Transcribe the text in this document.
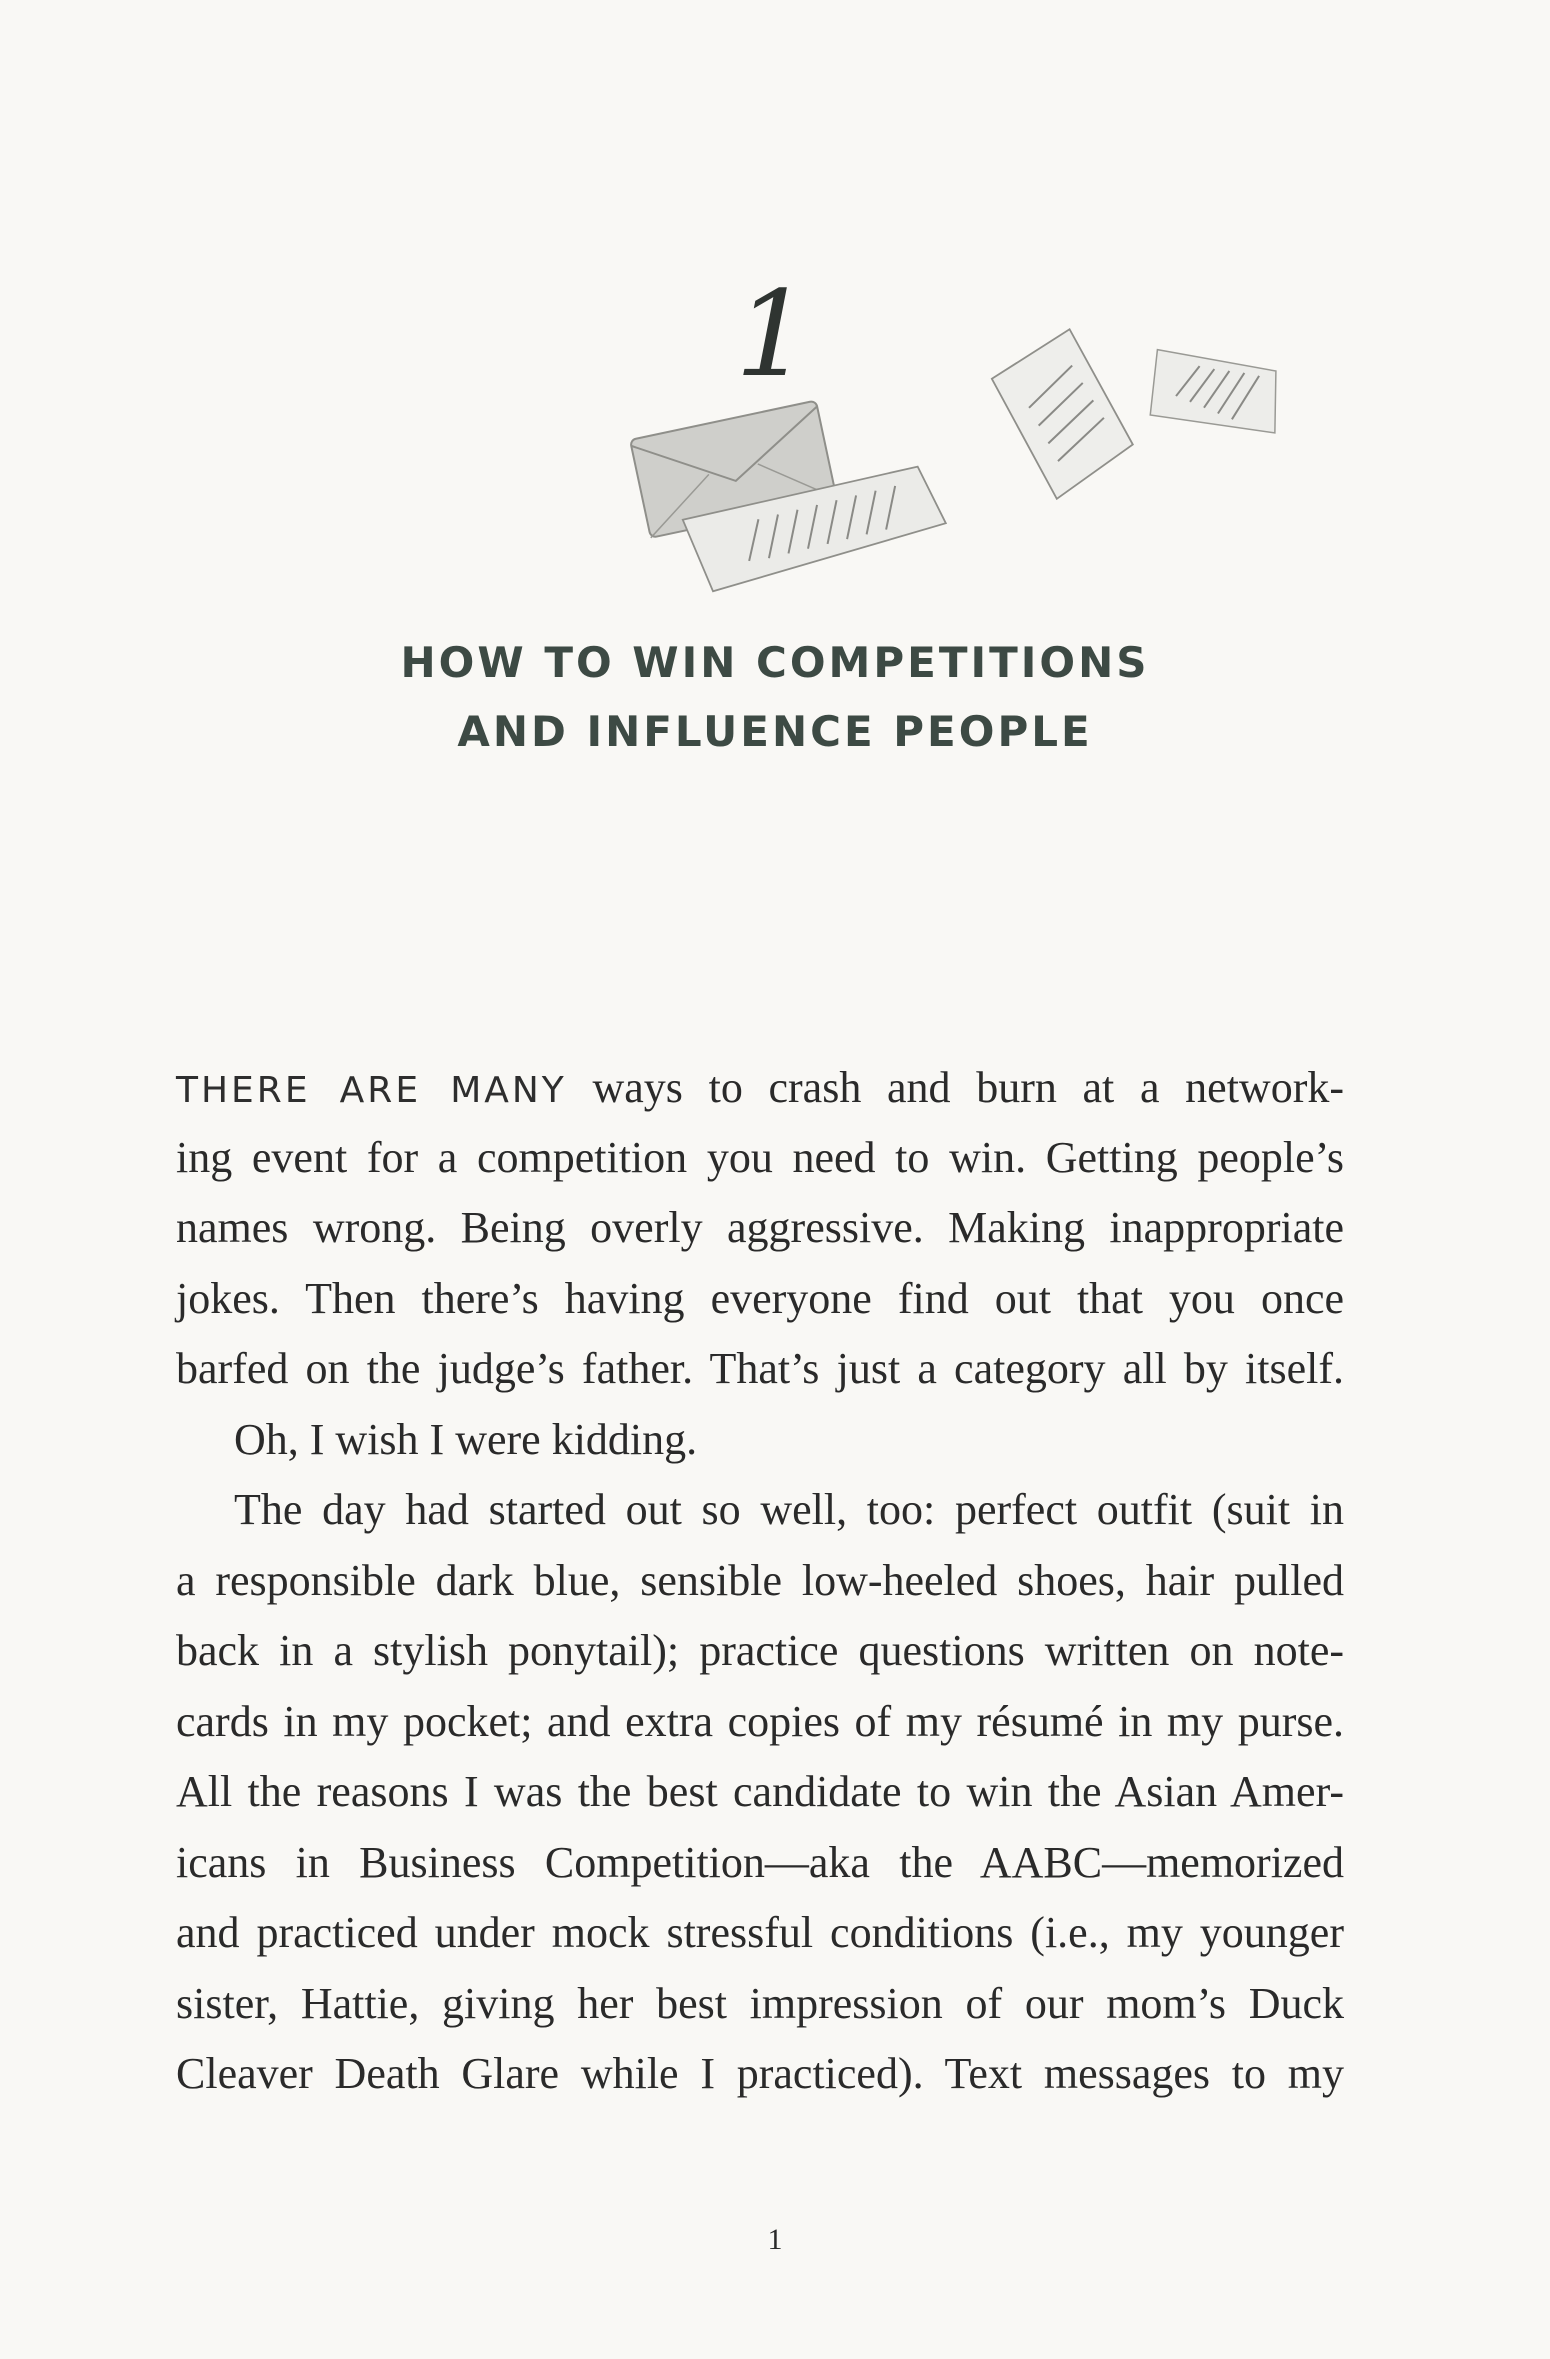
1
HOW TO WIN COMPETITIONS
AND INFLUENCE PEOPLE
THERE ARE MANY ways to crash and burn at a network-
ing event for a competition you need to win. Getting people’s
names wrong. Being overly aggressive. Making inappropriate
jokes. Then there’s having everyone find out that you once
barfed on the judge’s father. That’s just a category all by itself.
Oh, I wish I were kidding.
The day had started out so well, too: perfect outfit (suit in
a responsible dark blue, sensible low-heeled shoes, hair pulled
back in a stylish ponytail); practice questions written on note-
cards in my pocket; and extra copies of my résumé in my purse.
All the reasons I was the best candidate to win the Asian Amer-
icans in Business Competition—aka the AABC—memorized
and practiced under mock stressful conditions (i.e., my younger
sister, Hattie, giving her best impression of our mom’s Duck
Cleaver Death Glare while I practiced). Text messages to my
1
